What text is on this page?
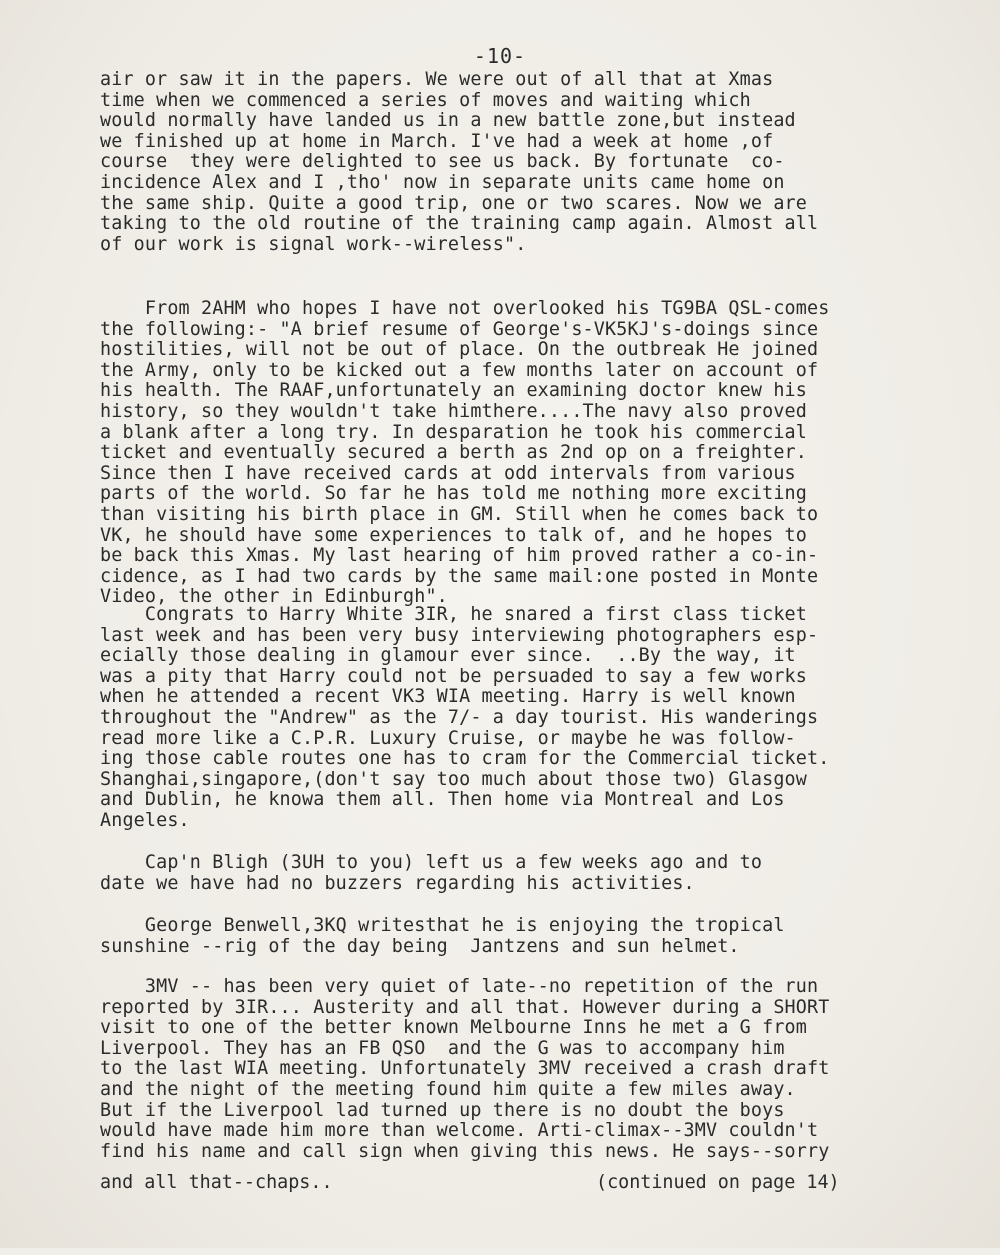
-10-
air or saw it in the papers. We were out of all that at Xmas
time when we commenced a series of moves and waiting which
would normally have landed us in a new battle zone,but instead
we finished up at home in March. I've had a week at home ,of
course  they were delighted to see us back. By fortunate  co-
incidence Alex and I ,tho' now in separate units came home on
the same ship. Quite a good trip, one or two scares. Now we are
taking to the old routine of the training camp again. Almost all
of our work is signal work--wireless".
From 2AHM who hopes I have not overlooked his TG9BA QSL-comes
the following:- "A brief resume of George's-VK5KJ's-doings since
hostilities, will not be out of place. On the outbreak He joined
the Army, only to be kicked out a few months later on account of
his health. The RAAF,unfortunately an examining doctor knew his
history, so they wouldn't take himthere....The navy also proved
a blank after a long try. In desparation he took his commercial
ticket and eventually secured a berth as 2nd op on a freighter.
Since then I have received cards at odd intervals from various
parts of the world. So far he has told me nothing more exciting
than visiting his birth place in GM. Still when he comes back to
VK, he should have some experiences to talk of, and he hopes to
be back this Xmas. My last hearing of him proved rather a co-in-
cidence, as I had two cards by the same mail:one posted in Monte
Video, the other in Edinburgh".
Congrats to Harry White 3IR, he snared a first class ticket
last week and has been very busy interviewing photographers esp-
ecially those dealing in glamour ever since.  ..By the way, it
was a pity that Harry could not be persuaded to say a few works
when he attended a recent VK3 WIA meeting. Harry is well known
throughout the "Andrew" as the 7/- a day tourist. His wanderings
read more like a C.P.R. Luxury Cruise, or maybe he was follow-
ing those cable routes one has to cram for the Commercial ticket.
Shanghai,singapore,(don't say too much about those two) Glasgow
and Dublin, he knowa them all. Then home via Montreal and Los
Angeles.
Cap'n Bligh (3UH to you) left us a few weeks ago and to
date we have had no buzzers regarding his activities.
George Benwell,3KQ writesthat he is enjoying the tropical
sunshine --rig of the day being  Jantzens and sun helmet.
3MV -- has been very quiet of late--no repetition of the run
reported by 3IR... Austerity and all that. However during a SHORT
visit to one of the better known Melbourne Inns he met a G from
Liverpool. They has an FB QSO  and the G was to accompany him
to the last WIA meeting. Unfortunately 3MV received a crash draft
and the night of the meeting found him quite a few miles away.
But if the Liverpool lad turned up there is no doubt the boys
would have made him more than welcome. Arti-climax--3MV couldn't
find his name and call sign when giving this news. He says--sorry

and all that--chaps..

	(continued on page 14)
